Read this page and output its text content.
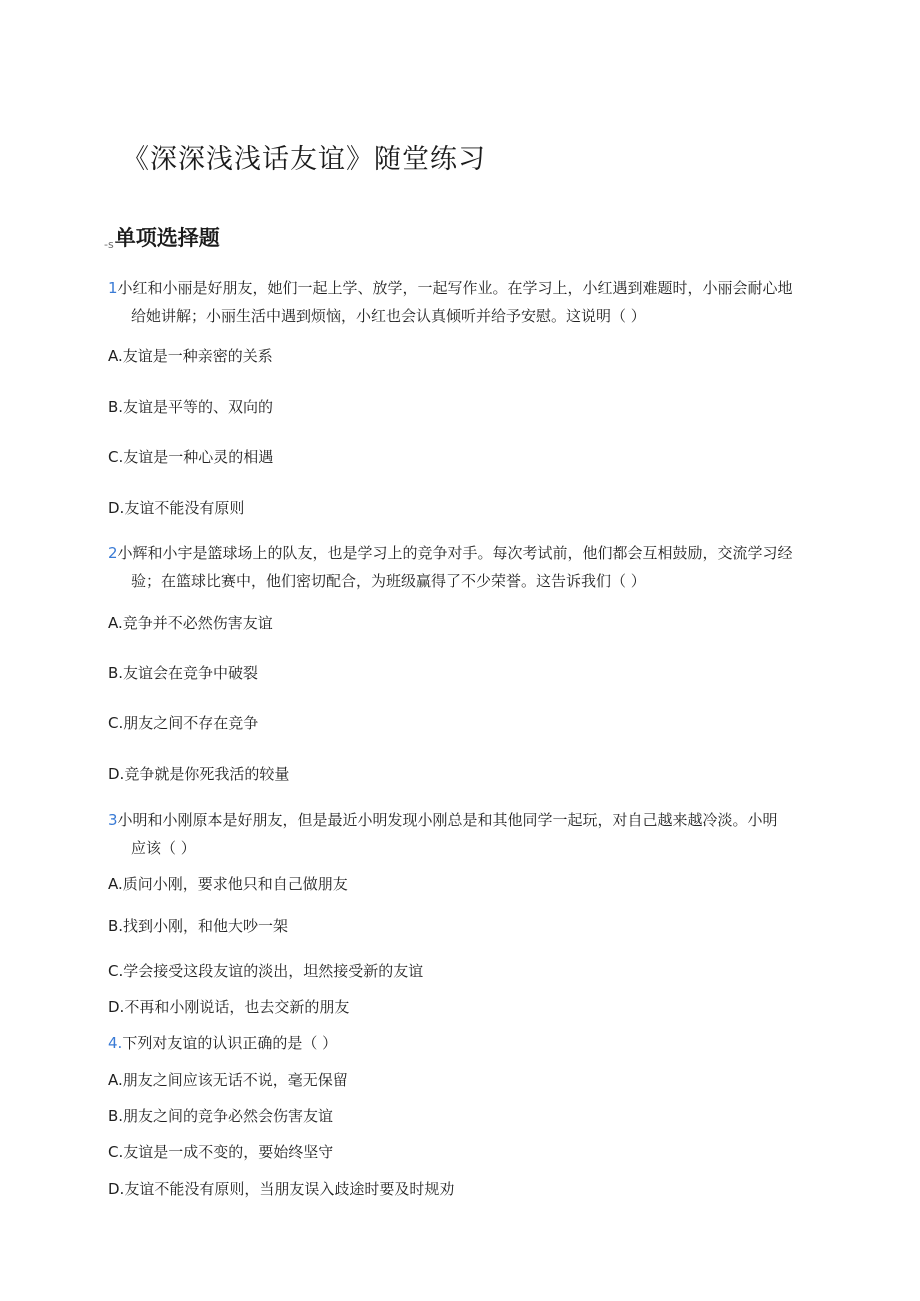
《深深浅浅话友谊》随堂练习
-s 单项选择题
1小红和小丽是好朋友，她们一起上学、放学，一起写作业。在学习上，小红遇到难题时，小丽会耐心地
给她讲解；小丽生活中遇到烦恼，小红也会认真倾听并给予安慰。这说明（ ）
A.友谊是一种亲密的关系
B.友谊是平等的、双向的
C.友谊是一种心灵的相遇
D.友谊不能没有原则
2小辉和小宇是篮球场上的队友，也是学习上的竞争对手。每次考试前，他们都会互相鼓励，交流学习经
验；在篮球比赛中，他们密切配合，为班级赢得了不少荣誉。这告诉我们（ ）
A.竞争并不必然伤害友谊
B.友谊会在竞争中破裂
C.朋友之间不存在竞争
D.竞争就是你死我活的较量
3小明和小刚原本是好朋友，但是最近小明发现小刚总是和其他同学一起玩，对自己越来越冷淡。小明
应该（ ）
A.质问小刚，要求他只和自己做朋友
B.找到小刚，和他大吵一架
C.学会接受这段友谊的淡出，坦然接受新的友谊
D.不再和小刚说话，也去交新的朋友
4.下列对友谊的认识正确的是（ ）
A.朋友之间应该无话不说，毫无保留
B.朋友之间的竞争必然会伤害友谊
C.友谊是一成不变的，要始终坚守
D.友谊不能没有原则，当朋友误入歧途时要及时规劝
